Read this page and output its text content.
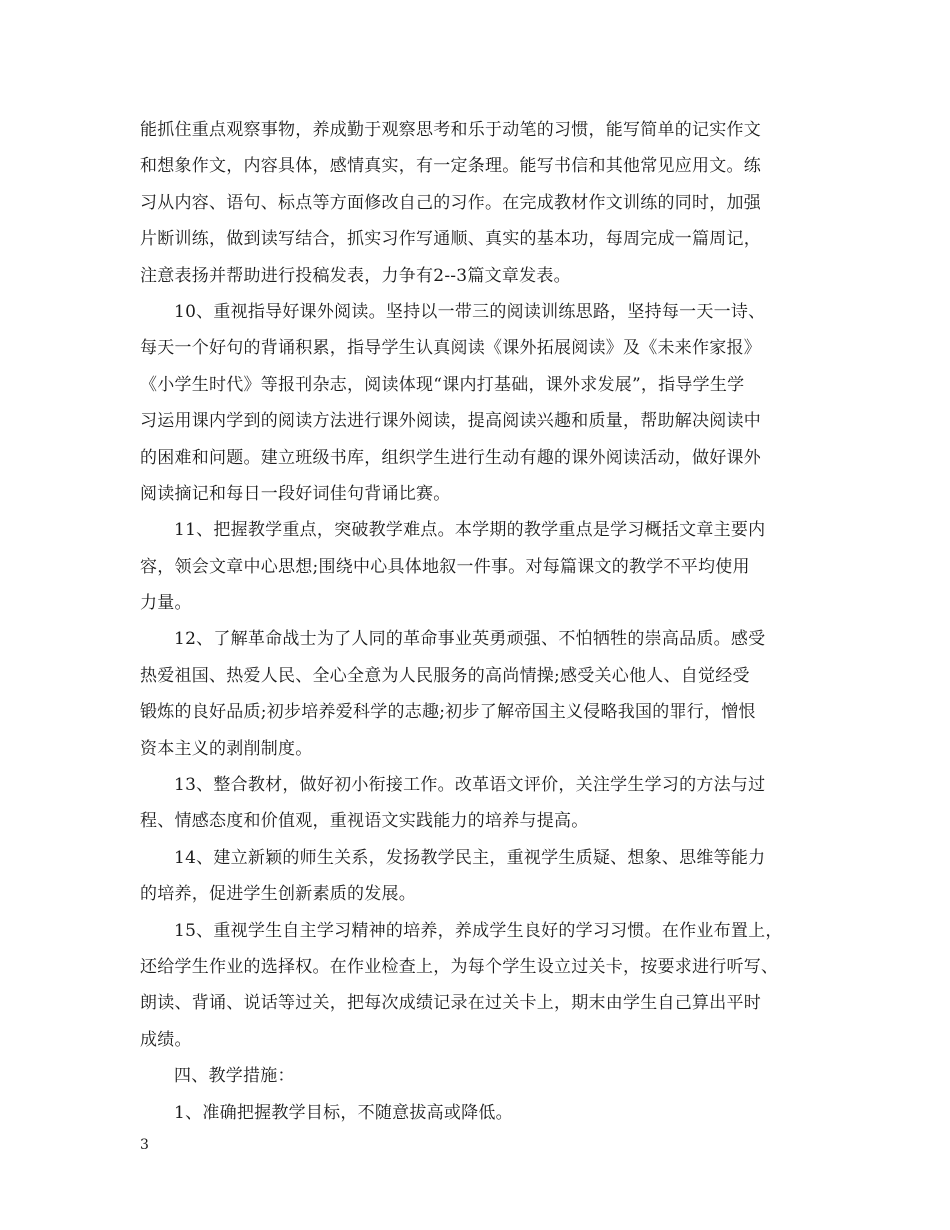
能抓住重点观察事物，养成勤于观察思考和乐于动笔的习惯，能写简单的记实作文
和想象作文，内容具体，感情真实，有一定条理。能写书信和其他常见应用文。练
习从内容、语句、标点等方面修改自己的习作。在完成教材作文训练的同时，加强
片断训练，做到读写结合，抓实习作写通顺、真实的基本功，每周完成一篇周记，
注意表扬并帮助进行投稿发表，力争有2--3篇文章发表。
10、重视指导好课外阅读。坚持以一带三的阅读训练思路，坚持每一天一诗、
每天一个好句的背诵积累，指导学生认真阅读《课外拓展阅读》及《未来作家报》
《小学生时代》等报刊杂志，阅读体现“课内打基础，课外求发展”，指导学生学
习运用课内学到的阅读方法进行课外阅读，提高阅读兴趣和质量，帮助解决阅读中
的困难和问题。建立班级书库，组织学生进行生动有趣的课外阅读活动，做好课外
阅读摘记和每日一段好词佳句背诵比赛。
11、把握教学重点，突破教学难点。本学期的教学重点是学习概括文章主要内
容，领会文章中心思想;围绕中心具体地叙一件事。对每篇课文的教学不平均使用
力量。
12、了解革命战士为了人同的革命事业英勇顽强、不怕牺牲的崇高品质。感受
热爱祖国、热爱人民、全心全意为人民服务的高尚情操;感受关心他人、自觉经受
锻炼的良好品质;初步培养爱科学的志趣;初步了解帝国主义侵略我国的罪行，憎恨
资本主义的剥削制度。
13、整合教材，做好初小衔接工作。改革语文评价，关注学生学习的方法与过
程、情感态度和价值观，重视语文实践能力的培养与提高。
14、建立新颖的师生关系，发扬教学民主，重视学生质疑、想象、思维等能力
的培养，促进学生创新素质的发展。
15、重视学生自主学习精神的培养，养成学生良好的学习习惯。在作业布置上，
还给学生作业的选择权。在作业检查上，为每个学生设立过关卡，按要求进行听写、
朗读、背诵、说话等过关，把每次成绩记录在过关卡上，期末由学生自己算出平时
成绩。
四、教学措施：
1、准确把握教学目标，不随意拔高或降低。
3
